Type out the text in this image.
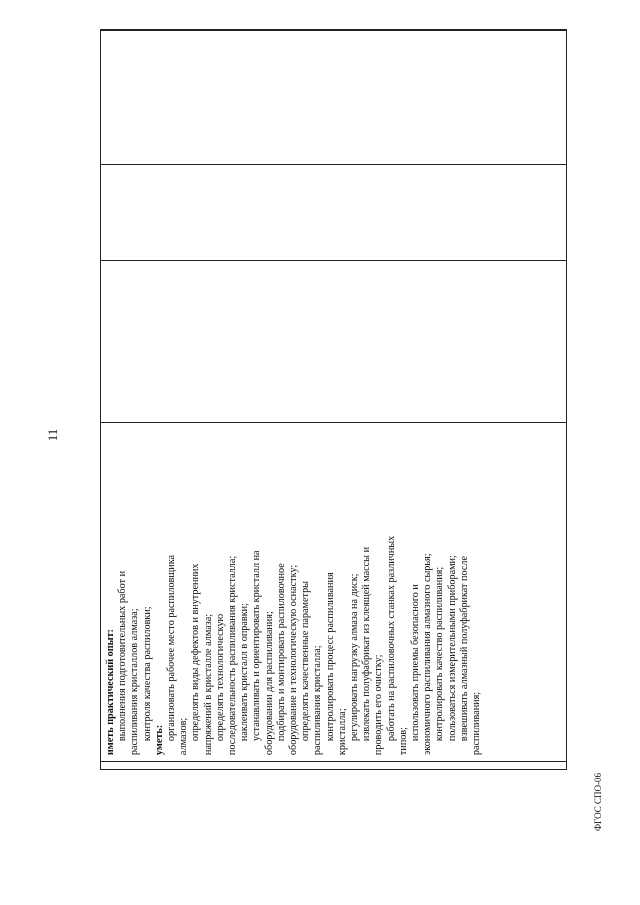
11
иметь практический опыт: выполнения подготовительных работ и распиливания кристаллов алмаза; контроля качества распиловки; уметь: организовать рабочее место распиловщика алмазов; определять виды дефектов и внутренних напряжений в кристалле алмаза; определять технологическую последовательность распиливания кристалла; наклеивать кристалл в оправки; устанавливать и ориентировать кристалл на оборудовании для распиливания; подбирать и монтировать распиловочное оборудование и технологическую оснастку; определять качественные параметры распиливания кристалла; контролировать процесс распиливания кристалла; регулировать нагрузку алмаза на диск; извлекать полуфабрикат из клеящей массы и проводить его очистку; работать на распиловочных станках различных типов; использовать приемы безопасного и экономичного распиливания алмазного сырья; контролировать качество распиливания; пользоваться измерительными приборами; взвешивать алмазный полуфабрикат после распиливания;
ФГОС СПО-06
